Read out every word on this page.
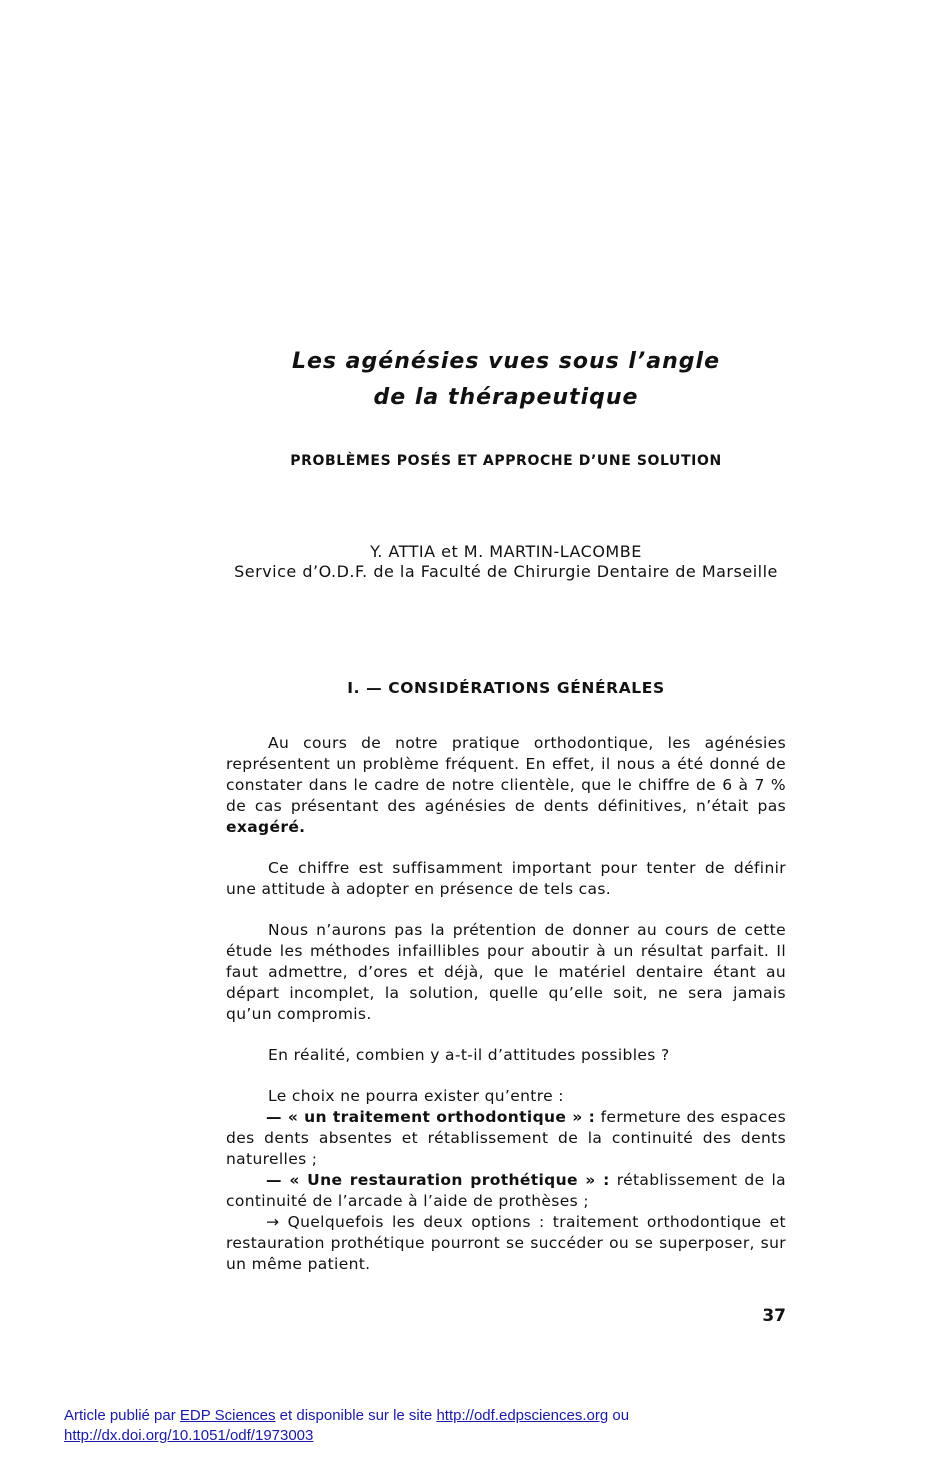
Les agénésies vues sous l’angle
de la thérapeutique
PROBLÈMES POSÉS ET APPROCHE D’UNE SOLUTION
Y. ATTIA et M. MARTIN-LACOMBE
Service d’O.D.F. de la Faculté de Chirurgie Dentaire de Marseille
I. — CONSIDÉRATIONS GÉNÉRALES

Au cours de notre pratique orthodontique, les agénésies représentent un problème fréquent. En effet, il nous a été donné de constater dans le cadre de notre clientèle, que le chiffre de 6 à 7 % de cas présentant des agénésies de dents définitives, n’était pas exagéré.

Ce chiffre est suffisamment important pour tenter de définir une attitude à adopter en présence de tels cas.

Nous n’aurons pas la prétention de donner au cours de cette étude les méthodes infaillibles pour aboutir à un résultat parfait. Il faut admettre, d’ores et déjà, que le matériel dentaire étant au départ incomplet, la solution, quelle qu’elle soit, ne sera jamais qu’un compromis.

En réalité, combien y a-t-il d’attitudes possibles ?

Le choix ne pourra exister qu’entre :

— « un traitement orthodontique » : fermeture des espaces des dents absentes et rétablissement de la continuité des dents naturelles ;

— « Une restauration prothétique » : rétablissement de la continuité de l’arcade à l’aide de prothèses ;

→ Quelquefois les deux options : traitement orthodontique et restauration prothétique pourront se succéder ou se superposer, sur un même patient.

37
Article publié par EDP Sciences et disponible sur le site http://odf.edpsciences.org ou
http://dx.doi.org/10.1051/odf/1973003
